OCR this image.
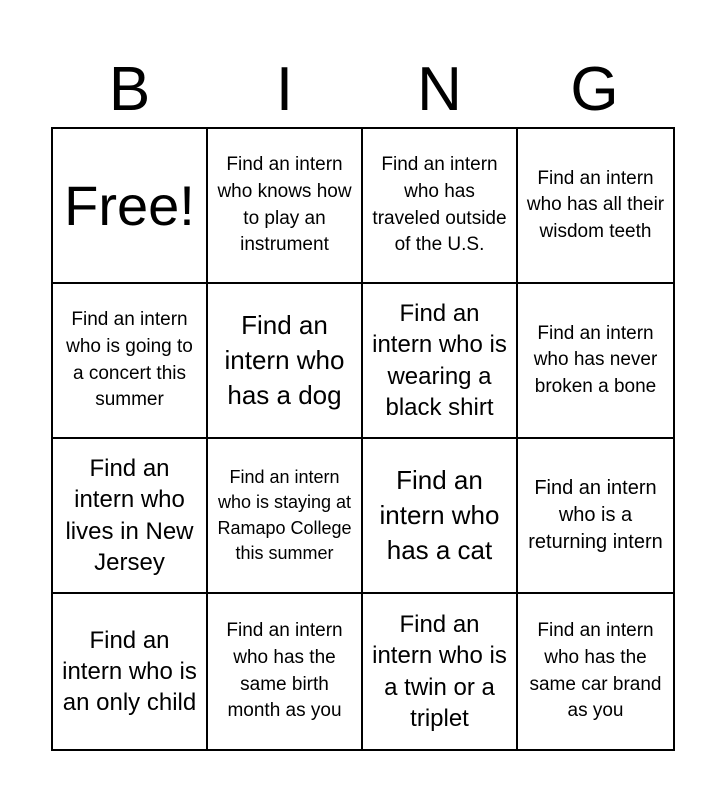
B	I	N	G
Free!
Find an intern who knows how to play an instrument
Find an intern who has traveled outside of the U.S.
Find an intern who has all their wisdom teeth
Find an intern who is going to a concert this summer
Find an intern who has a dog
Find an intern who is wearing a black shirt
Find an intern who has never broken a bone
Find an intern who lives in New Jersey
Find an intern who is staying at Ramapo College this summer
Find an intern who has a cat
Find an intern who is a returning intern
Find an intern who is an only child
Find an intern who has the same birth month as you
Find an intern who is a twin or a triplet
Find an intern who has the same car brand as you
